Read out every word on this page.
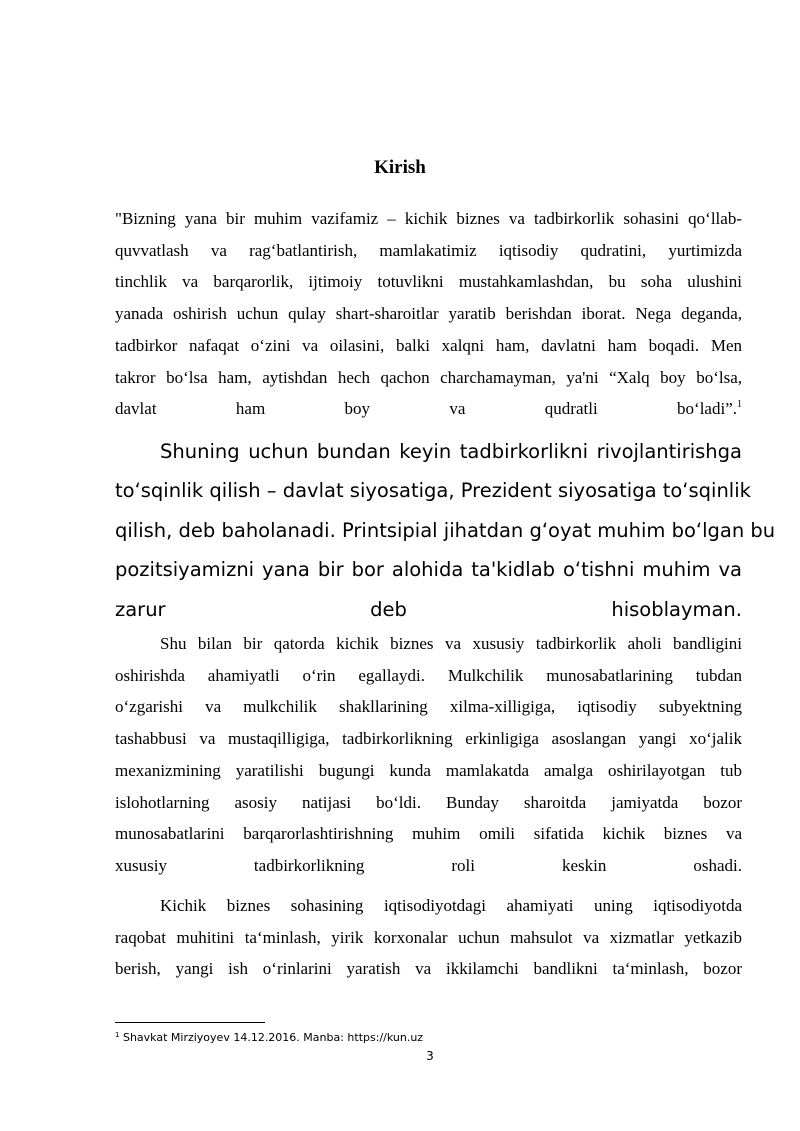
Kirish
"Bizning yana bir muhim vazifamiz – kichik biznes va tadbirkorlik sohasini qo‘llab-
quvvatlash va rag‘batlantirish, mamlakatimiz iqtisodiy qudratini, yurtimizda
tinchlik va barqarorlik, ijtimoiy totuvlikni mustahkamlashdan, bu soha ulushini
yanada oshirish uchun qulay shart-sharoitlar yaratib berishdan iborat. Nega deganda,
tadbirkor nafaqat o‘zini va oilasini, balki xalqni ham, davlatni ham boqadi. Men
takror bo‘lsa ham, aytishdan hech qachon charchamayman, ya'ni “Xalq boy bo‘lsa,
davlat ham boy va qudratli bo‘ladi”.$^1$
Shuning uchun bundan keyin tadbirkorlikni rivojlantirishga
to‘sqinlik qilish – davlat siyosatiga, Prezident siyosatiga to‘sqinlik
qilish, deb baholanadi. Printsipial jihatdan g‘oyat muhim bo‘lgan bu
pozitsiyamizni yana bir bor alohida ta'kidlab o‘tishni muhim va
zarur deb hisoblayman.
Shu bilan bir qatorda kichik biznes va xususiy tadbirkorlik aholi bandligini
oshirishda ahamiyatli o‘rin egallaydi. Mulkchilik munosabatlarining tubdan
o‘zgarishi va mulkchilik shakllarining xilma-xilligiga, iqtisodiy subyektning
tashabbusi va mustaqilligiga, tadbirkorlikning erkinligiga asoslangan yangi xo‘jalik
mexanizmining yaratilishi bugungi kunda mamlakatda amalga oshirilayotgan tub
islohotlarning asosiy natijasi bo‘ldi. Bunday sharoitda jamiyatda bozor
munosabatlarini barqarorlashtirishning muhim omili sifatida kichik biznes va
xususiy tadbirkorlikning roli keskin oshadi.
Kichik biznes sohasining iqtisodiyotdagi ahamiyati uning iqtisodiyotda
raqobat muhitini ta‘minlash, yirik korxonalar uchun mahsulot va xizmatlar yetkazib
berish, yangi ish o‘rinlarini yaratish va ikkilamchi bandlikni ta‘minlash, bozor
$^1$ Shavkat Mirziyoyev 14.12.2016. Manba: https://kun.uz
3
